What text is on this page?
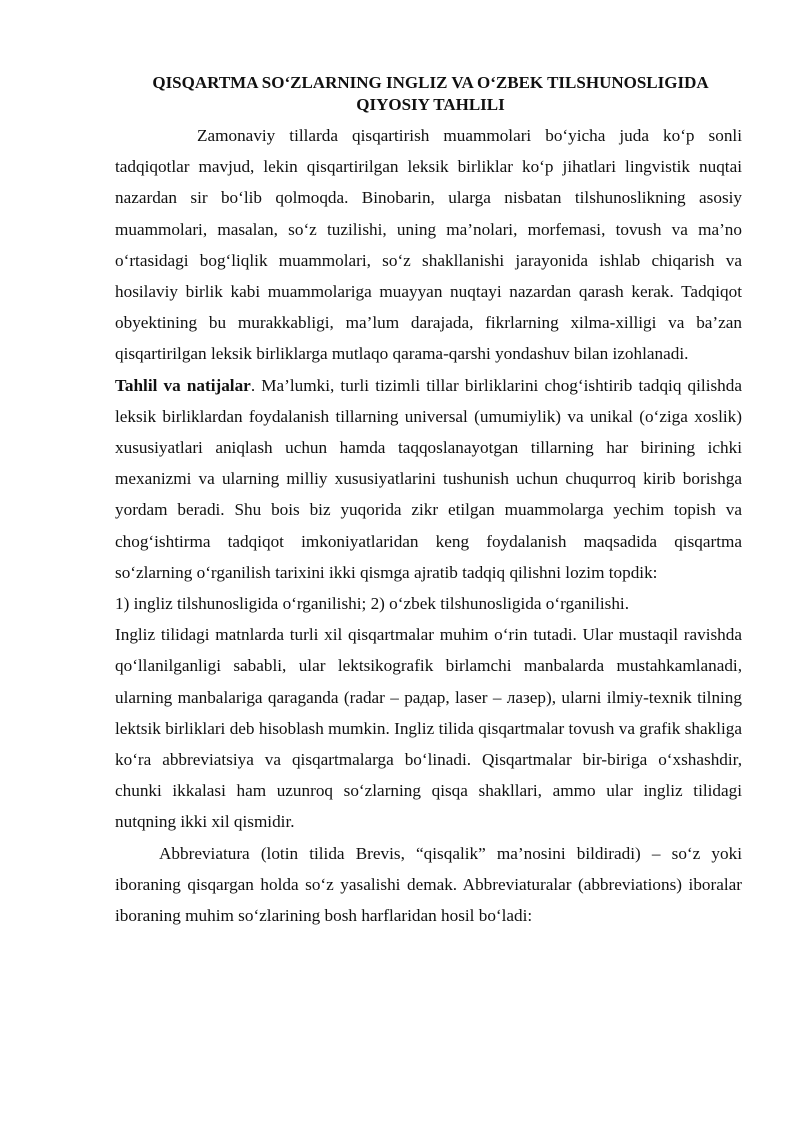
QISQARTMA SO‘ZLARNING INGLIZ VA O‘ZBEK TILSHUNOSLIGIDA QIYOSIY TAHLILI

Zamonaviy tillarda qisqartirish muammolari bo‘yicha juda ko‘p sonli tadqiqotlar mavjud, lekin qisqartirilgan leksik birliklar ko‘p jihatlari lingvistik nuqtai nazardan sir bo‘lib qolmoqda. Binobarin, ularga nisbatan tilshunoslikning asosiy muammolari, masalan, so‘z tuzilishi, uning ma’nolari, morfemasi, tovush va ma’no o‘rtasidagi bog‘liqlik muammolari, so‘z shakllanishi jarayonida ishlab chiqarish va hosilaviy birlik kabi muammolariga muayyan nuqtayi nazardan qarash kerak. Tadqiqot obyektining bu murakkabligi, ma’lum darajada, fikrlarning xilma-xilligi va ba’zan qisqartirilgan leksik birliklarga mutlaqo qarama-qarshi yondashuv bilan izohlanadi.

Tahlil va natijalar. Ma’lumki, turli tizimli tillar birliklarini chog‘ishtirib tadqiq qilishda leksik birliklardan foydalanish tillarning universal (umumiylik) va unikal (o‘ziga xoslik) xususiyatlari aniqlash uchun hamda taqqoslanayotgan tillarning har birining ichki mexanizmi va ularning milliy xususiyatlarini tushunish uchun chuqurroq kirib borishga yordam beradi. Shu bois biz yuqorida zikr etilgan muammolarga yechim topish va chog‘ishtirma tadqiqot imkoniyatlaridan keng foydalanish maqsadida qisqartma so‘zlarning o‘rganilish tarixini ikki qismga ajratib tadqiq qilishni lozim topdik:

1) ingliz tilshunosligida o‘rganilishi; 2) o‘zbek tilshunosligida o‘rganilishi.

Ingliz tilidagi matnlarda turli xil qisqartmalar muhim o‘rin tutadi. Ular mustaqil ravishda qo‘llanilganligi sababli, ular lektsikografik birlamchi manbalarda mustahkamlanadi, ularning manbalariga qaraganda (radar – радар, laser – лазер), ularni ilmiy-texnik tilning lektsik birliklari deb hisoblash mumkin. Ingliz tilida qisqartmalar tovush va grafik shakliga ko‘ra abbreviatsiya va qisqartmalarga bo‘linadi. Qisqartmalar bir-biriga o‘xshashdir, chunki ikkalasi ham uzunroq so‘zlarning qisqa shakllari, ammo ular ingliz tilidagi nutqning ikki xil qismidir.

Abbreviatura (lotin tilida Brevis, “qisqalik” ma’nosini bildiradi) – so‘z yoki iboraning qisqargan holda so‘z yasalishi demak. Abbreviaturalar (abbreviations) iboralar iboraning muhim so‘zlarining bosh harflaridan hosil bo‘ladi:
